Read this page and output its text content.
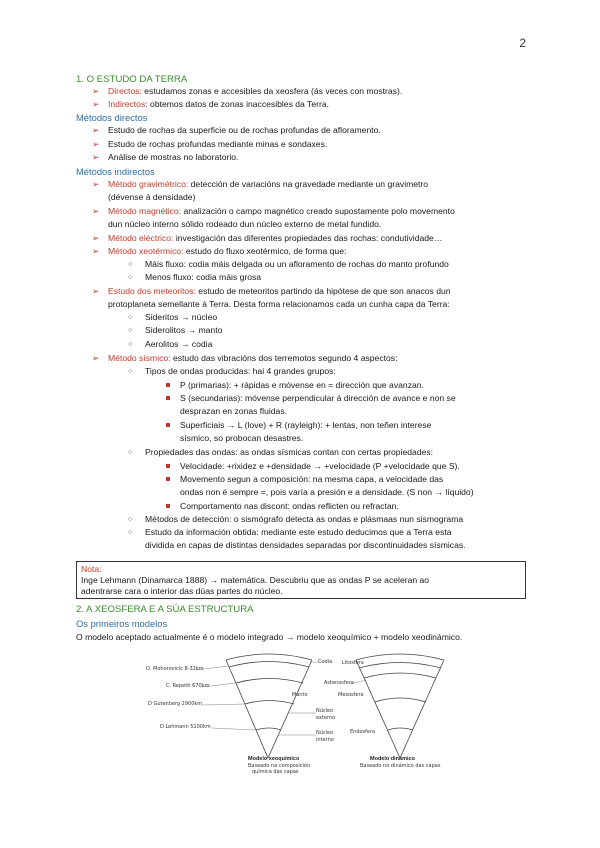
2
1. O ESTUDO DA TERRA
➢ Directos: estudamos zonas e accesibles da xeosfera (ás veces con mostras).
➢ Indirectos: obtemos datos de zonas inaccesibles da Terra.
Métodos directos
➢ Estudo de rochas da superficie ou de rochas profundas de afloramento.
➢ Estudo de rochas profundas mediante minas e sondaxes.
➢ Análise de mostras no laboratorio.
Métodos indirectos
➢ Método gravimétrico: detección de variacións na gravedade mediante un gravimetro
(dévense á densidade)
➢ Método magnético: analización o campo magnético creado supostamente polo movemento
dun núcleo interno sólido rodeado dun núcleo externo de metal fundido.
➢ Método eléctrico: investigación das diferentes propiedades das rochas: condutividade…
➢ Método xeotérmico: estudo do fluxo xeotérmico, de forma que:
○ Máis fluxo: codia máis delgada ou un afloramento de rochas do manto profundo
○ Menos fluxo: codia máis grosa
➢ Estudo dos meteoritos: estudo de meteoritos partindo da hipótese de que son anacos dun
protoplaneta semellante á Terra. Desta forma relacionamos cada un cunha capa da Terra:
○ Sideritos → núcleo
○ Siderolitos → manto
○ Aerolitos → codia
➢ Método sísmico: estudo das vibracións dos terremotos segundo 4 aspectos:
○ Tipos de ondas producidas: hai 4 grandes grupos:
P (primarias): + rápidas e móvense en = dirección que avanzan.
S (secundarias): móvense perpendicular á dirección de avance e non se
desprazan en zonas fluidas.
Superficiais → L (love) + R (rayleigh): + lentas, non teñen interese
sísmico, so probocan desastres.
○ Propiedades das ondas: as ondas sísmicas contan con certas propiedades:
Velocidade: +rixidez e +densidade → +velocidade (P +velocidade que S).
Movemento segun a composición: na mesma capa, a velocidade das
ondas non é sempre =, pois varía a presión e a densidade. (S non → líquido)
Comportamento nas discont: ondas reflicten ou refractan.
○ Métodos de detección: o sismógrafo detecta as ondas e plásmaas nun sismograma
○ Estudo da información obtida: mediante este estudo deducimos que a Terra esta
dividida en capas de distintas densidades separadas por discontinuidades sísmicas.
Nota:
Inge Lehmann (Dinamarca 1888) → matemática. Descubriu que as ondas P se aceleran ao
adentrarse cara o interior das dúas partes do núcleo.
2. A XEOSFERA E A SÚA ESTRUCTURA
Os primeiros modelos
O modelo aceptado actualmente é o modelo integrado → modelo xeoquímico + modelo xeodinámico.
D. Mohorovicic 8-32km
C. Repetti 670km
D Gutenberg 2900km
D Lehmann 5100km
Codia
Manto
Núcleo
externo
Núcleo
interno
Litosfera
Astenosfera
Mesosfera
Endosfera
Modelo xeoquímico
Baseado na composición
química das capas
Modelo dinámico
Baseado no dinámico das capas
